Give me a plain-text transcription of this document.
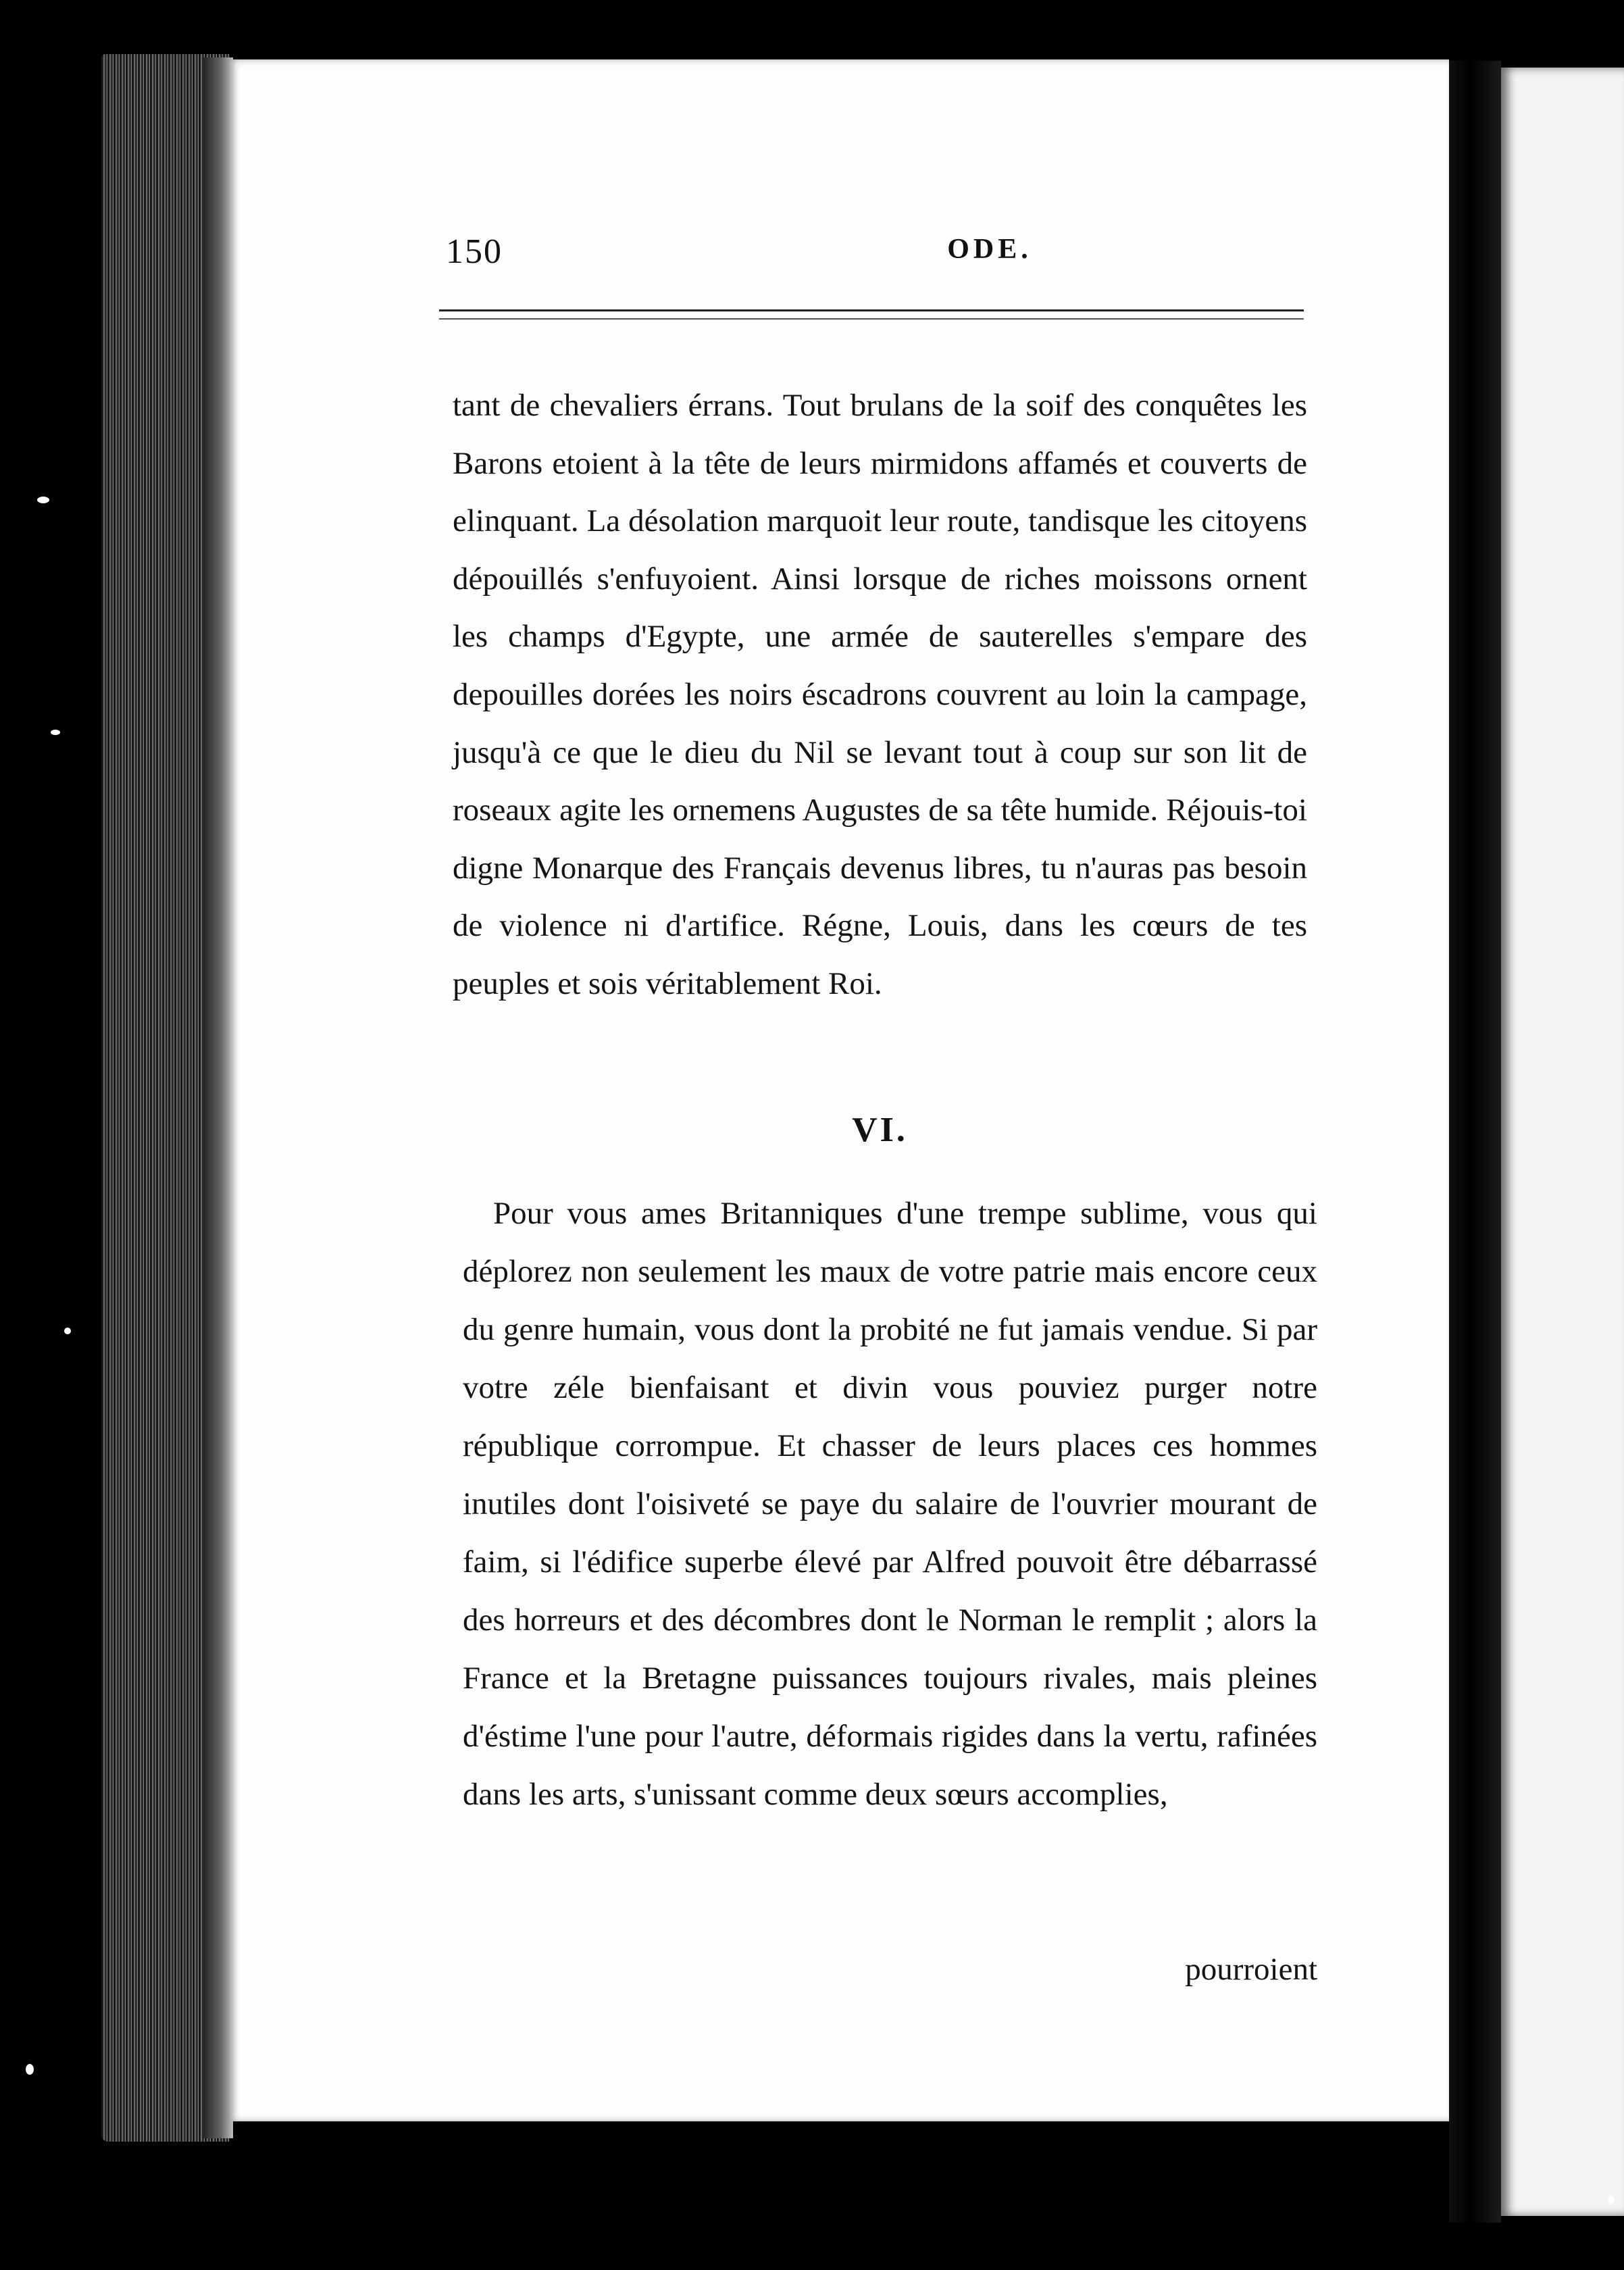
150	ODE.

tant de chevaliers érrans. Tout brulans de la soif des conquêtes les Barons etoient à la tête de leurs mirmidons affamés et couverts de elinquant. La désolation marquoit leur route, tandisque les citoyens dépouillés s'enfuyoient. Ainsi lorsque de riches moissons ornent les champs d'Egypte, une armée de sauterelles s'empare des depouilles dorées les noirs éscadrons couvrent au loin la campage, jusqu'à ce que le dieu du Nil se levant tout à coup sur son lit de roseaux agite les ornemens Augustes de sa tête humide. Réjouis-toi digne Monarque des Français devenus libres, tu n'auras pas besoin de violence ni d'artifice. Régne, Louis, dans les cœurs de tes peuples et sois véritablement Roi.

VI.

Pour vous ames Britanniques d'une trempe sublime, vous qui déplorez non seulement les maux de votre patrie mais encore ceux du genre humain, vous dont la probité ne fut jamais vendue. Si par votre zéle bienfaisant et divin vous pouviez purger notre république corrompue. Et chasser de leurs places ces hommes inutiles dont l'oisiveté se paye du salaire de l'ouvrier mourant de faim, si l'édifice superbe élevé par Alfred pouvoit être débarrassé des horreurs et des décombres dont le Norman le remplit ; alors la France et la Bretagne puissances toujours rivales, mais pleines d'éstime l'une pour l'autre, déformais rigides dans la vertu, rafinées dans les arts, s'unissant comme deux sœurs accomplies,

pourroient
